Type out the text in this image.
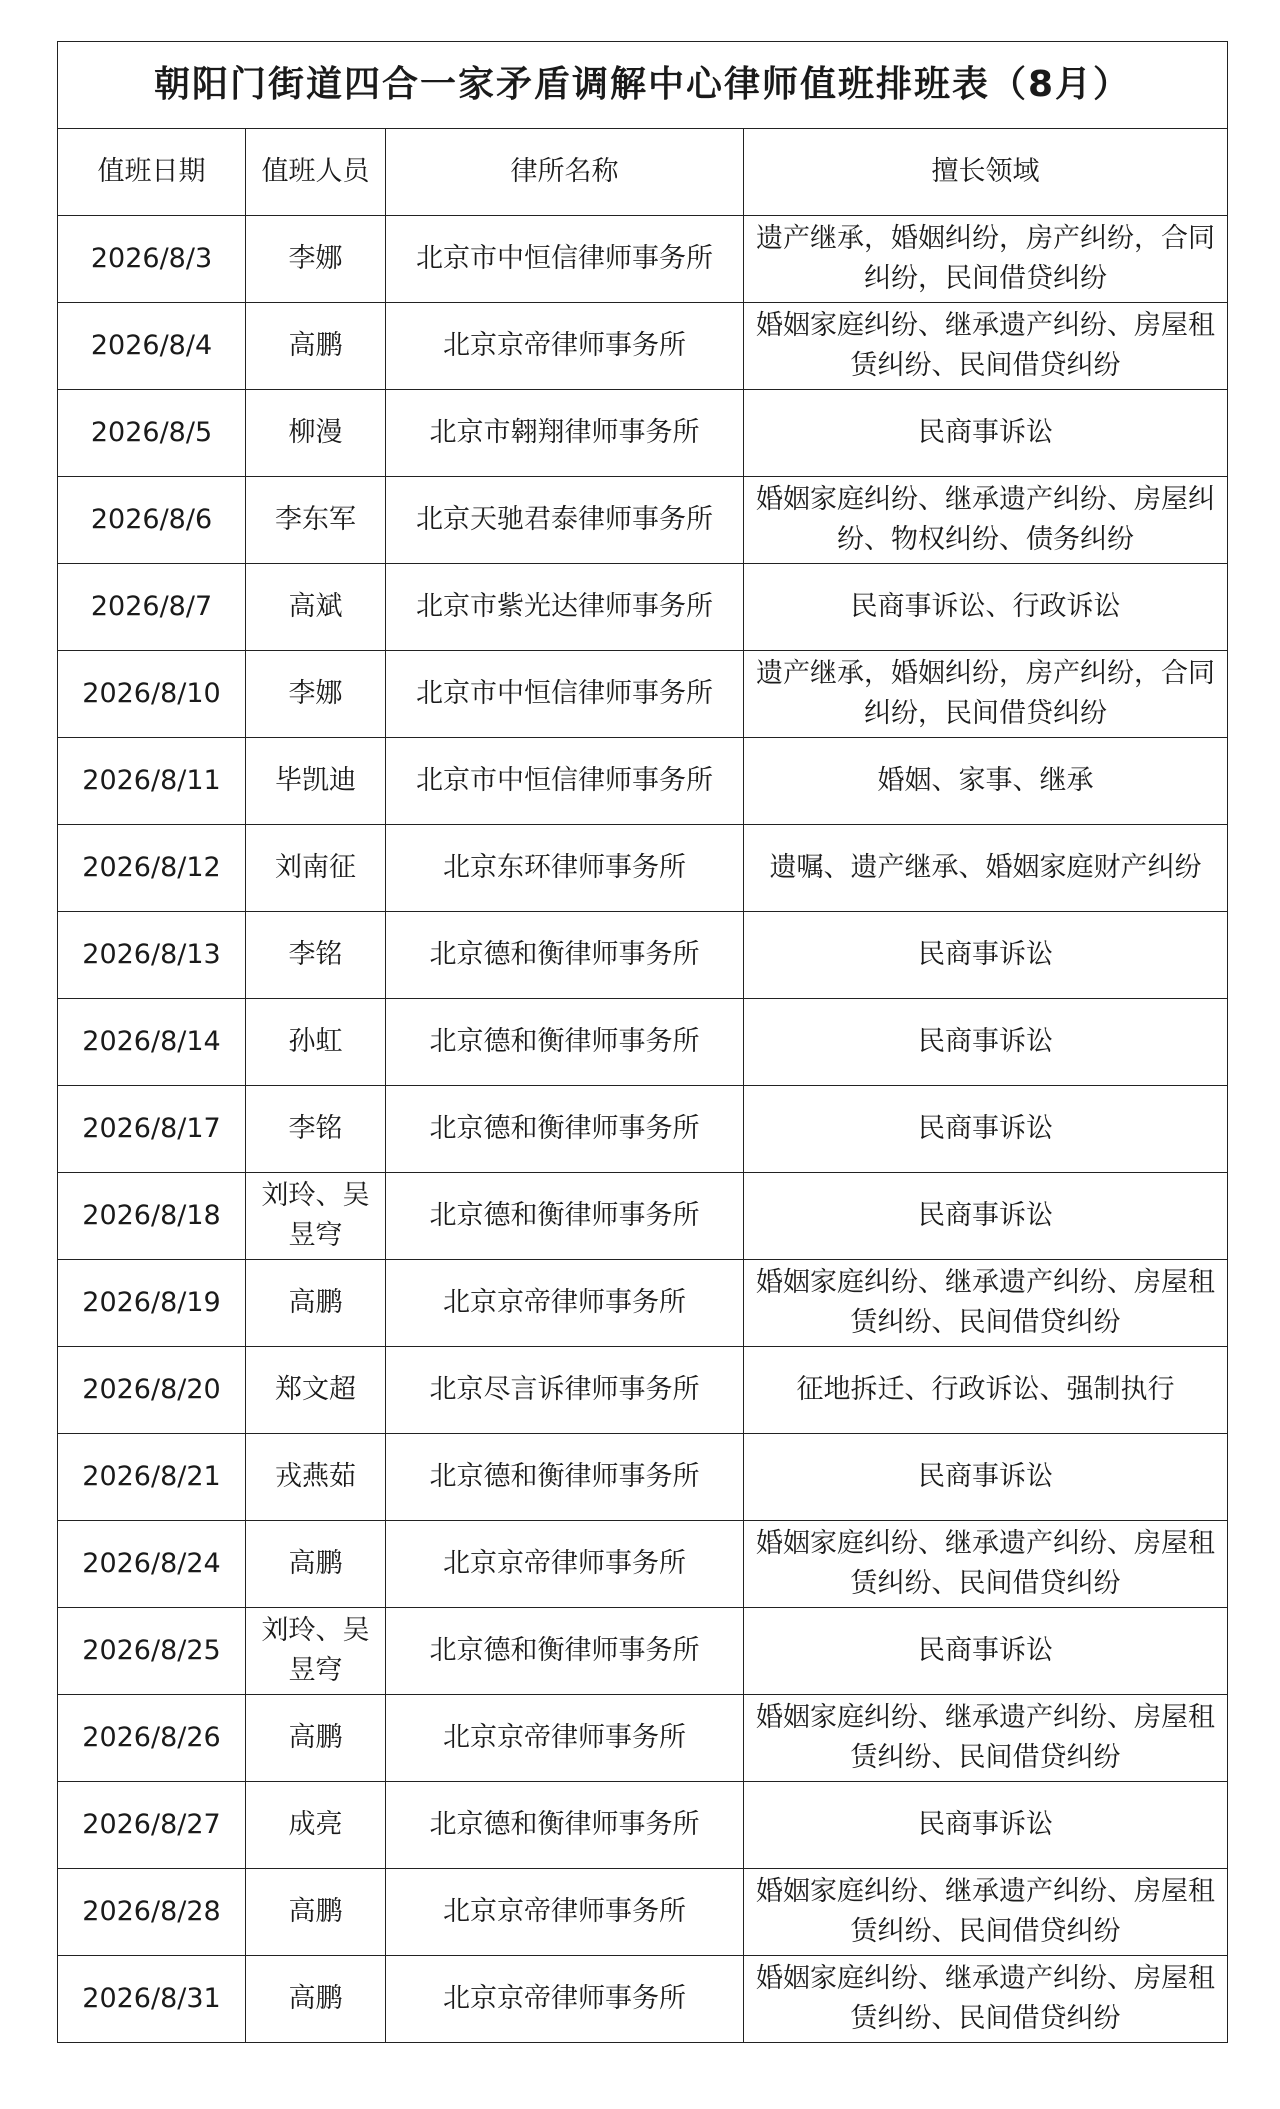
朝阳门街道四合一家矛盾调解中心律师值班排班表（8月）			
值班日期	值班人员	律所名称	擅长领域
2026/8/3	李娜	北京市中恒信律师事务所	遗产继承，婚姻纠纷，房产纠纷，合同纠纷，民间借贷纠纷
2026/8/4	高鹏	北京京帝律师事务所	婚姻家庭纠纷、继承遗产纠纷、房屋租赁纠纷、民间借贷纠纷
2026/8/5	柳漫	北京市翱翔律师事务所	民商事诉讼
2026/8/6	李东军	北京天驰君泰律师事务所	婚姻家庭纠纷、继承遗产纠纷、房屋纠纷、物权纠纷、债务纠纷
2026/8/7	高斌	北京市紫光达律师事务所	民商事诉讼、行政诉讼
2026/8/10	李娜	北京市中恒信律师事务所	遗产继承，婚姻纠纷，房产纠纷，合同纠纷，民间借贷纠纷
2026/8/11	毕凯迪	北京市中恒信律师事务所	婚姻、家事、继承
2026/8/12	刘南征	北京东环律师事务所	遗嘱、遗产继承、婚姻家庭财产纠纷
2026/8/13	李铭	北京德和衡律师事务所	民商事诉讼
2026/8/14	孙虹	北京德和衡律师事务所	民商事诉讼
2026/8/17	李铭	北京德和衡律师事务所	民商事诉讼
2026/8/18	刘玲、吴昱穹	北京德和衡律师事务所	民商事诉讼
2026/8/19	高鹏	北京京帝律师事务所	婚姻家庭纠纷、继承遗产纠纷、房屋租赁纠纷、民间借贷纠纷
2026/8/20	郑文超	北京尽言诉律师事务所	征地拆迁、行政诉讼、强制执行
2026/8/21	戎燕茹	北京德和衡律师事务所	民商事诉讼
2026/8/24	高鹏	北京京帝律师事务所	婚姻家庭纠纷、继承遗产纠纷、房屋租赁纠纷、民间借贷纠纷
2026/8/25	刘玲、吴昱穹	北京德和衡律师事务所	民商事诉讼
2026/8/26	高鹏	北京京帝律师事务所	婚姻家庭纠纷、继承遗产纠纷、房屋租赁纠纷、民间借贷纠纷
2026/8/27	成亮	北京德和衡律师事务所	民商事诉讼
2026/8/28	高鹏	北京京帝律师事务所	婚姻家庭纠纷、继承遗产纠纷、房屋租赁纠纷、民间借贷纠纷
2026/8/31	高鹏	北京京帝律师事务所	婚姻家庭纠纷、继承遗产纠纷、房屋租赁纠纷、民间借贷纠纷
